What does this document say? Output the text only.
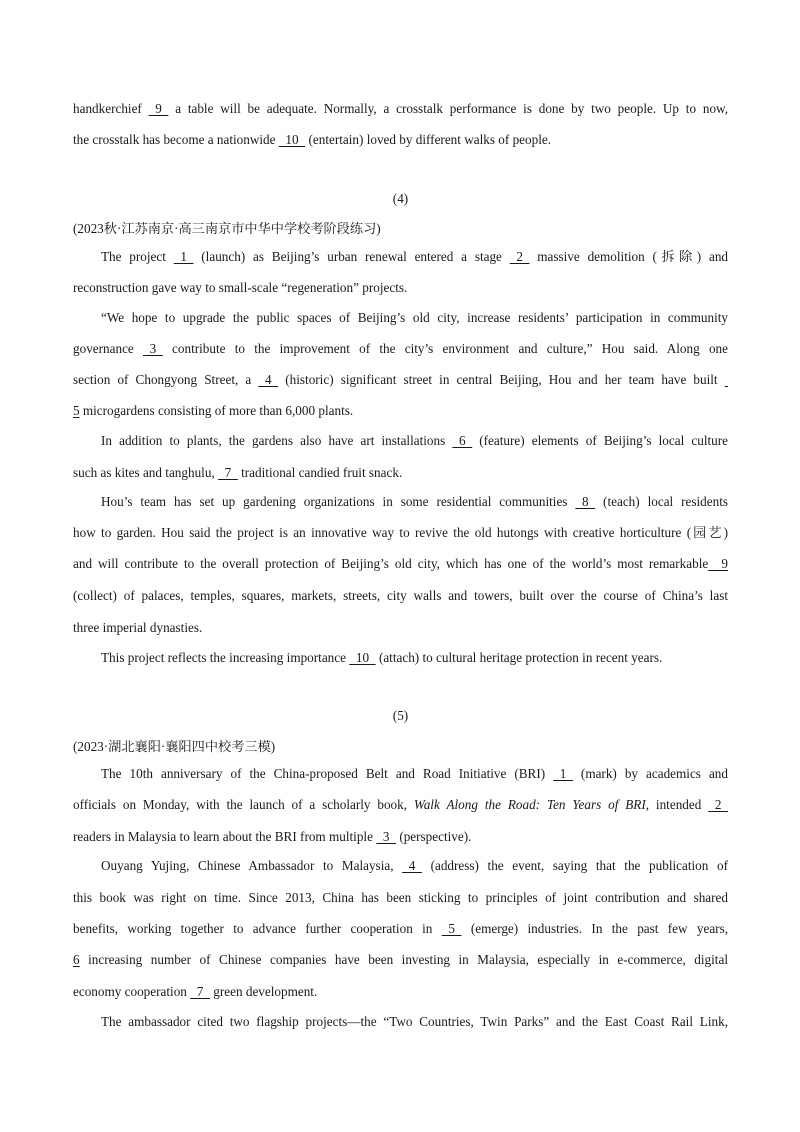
handkerchief   9   a table will be adequate. Normally, a crosstalk performance is done by two people. Up to now,
the crosstalk has become a nationwide   10   (entertain) loved by different walks of people.
(4)
(2023秋·江苏南京·高三南京市中华中学校考阶段练习)
The project   1   (launch) as Beijing’s urban renewal entered a stage   2   massive demolition (拆除) and
reconstruction gave way to small-scale “regeneration” projects.
“We hope to upgrade the public spaces of Beijing’s old city, increase residents’ participation in community
governance   3   contribute to the improvement of the city’s environment and culture,” Hou said. Along one
section of Chongyong Street, a   4   (historic) significant street in central Beijing, Hou and her team have built
5 microgardens consisting of more than 6,000 plants.
In addition to plants, the gardens also have art installations   6   (feature) elements of Beijing’s local culture
such as kites and tanghulu,   7   traditional candied fruit snack.
Hou’s team has set up gardening organizations in some residential communities   8   (teach) local residents
how to garden. Hou said the project is an innovative way to revive the old hutongs with creative horticulture (园艺)
and will contribute to the overall protection of Beijing’s old city, which has one of the world’s most remarkable    9
(collect) of palaces, temples, squares, markets, streets, city walls and towers, built over the course of China’s last
three imperial dynasties.
This project reflects the increasing importance   10   (attach) to cultural heritage protection in recent years.
(5)
(2023·湖北襄阳·襄阳四中校考三模)
The 10th anniversary of the China-proposed Belt and Road Initiative (BRI)   1   (mark) by academics and
officials on Monday, with the launch of a scholarly book, Walk Along the Road: Ten Years of BRI, intended   2
readers in Malaysia to learn about the BRI from multiple   3   (perspective).
Ouyang Yujing, Chinese Ambassador to Malaysia,   4   (address) the event, saying that the publication of
this book was right on time. Since 2013, China has been sticking to principles of joint contribution and shared
benefits, working together to advance further cooperation in   5   (emerge) industries. In the past few years,
6 increasing number of Chinese companies have been investing in Malaysia, especially in e-commerce, digital
economy cooperation   7   green development.
The ambassador cited two flagship projects—the “Two Countries, Twin Parks” and the East Coast Rail Link,
